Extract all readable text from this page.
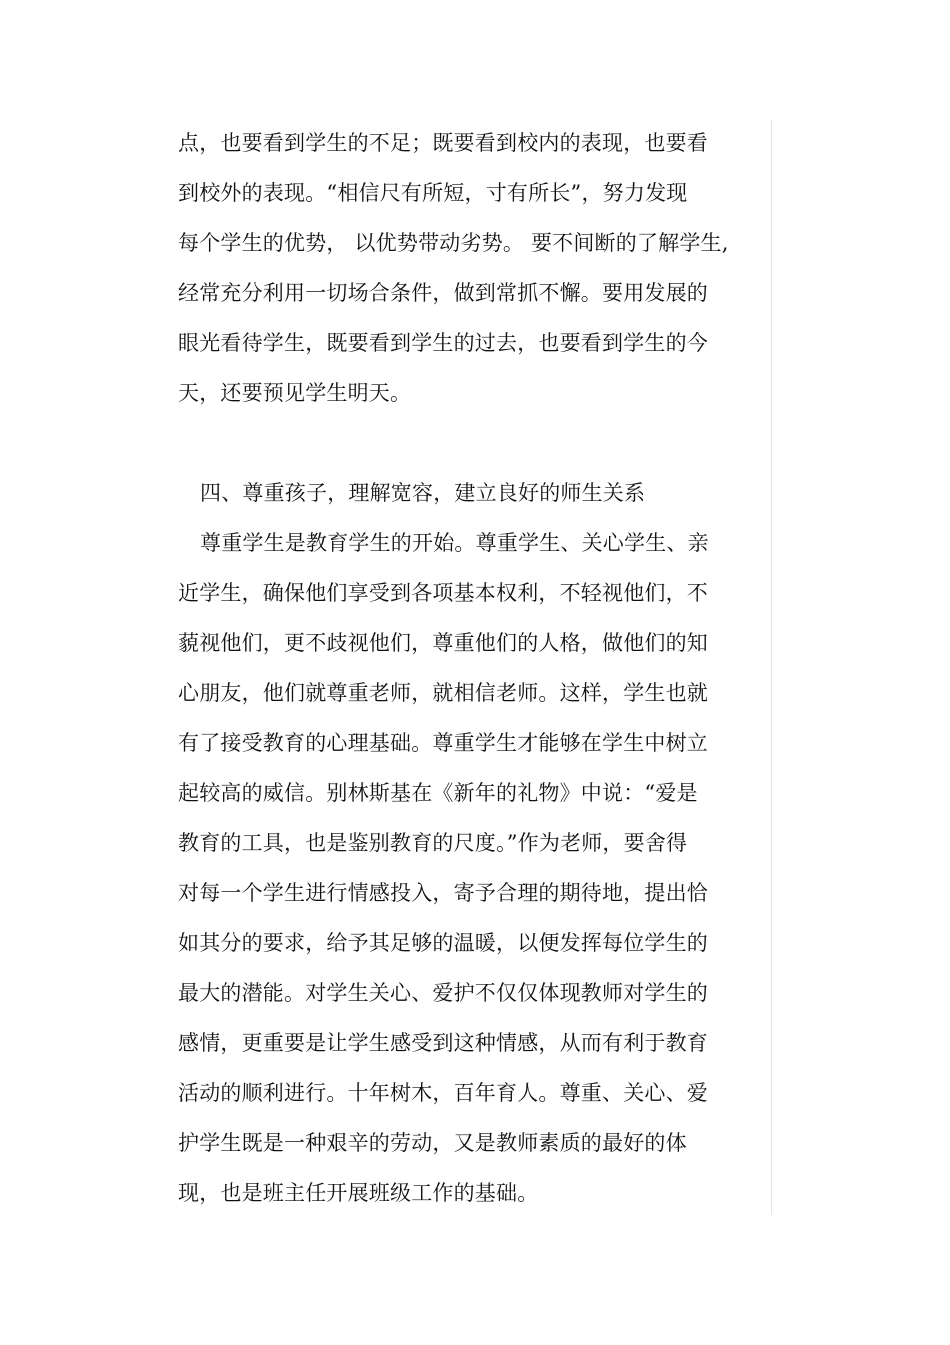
点，也要看到学生的不足；既要看到校内的表现，也要看
到校外的表现。“相信尺有所短，寸有所长”，努力发现
每个学生的优势， 以优势带动劣势。 要不间断的了解学生,
经常充分利用一切场合条件，做到常抓不懈。要用发展的
眼光看待学生，既要看到学生的过去，也要看到学生的今
天，还要预见学生明天。
四、尊重孩子，理解宽容，建立良好的师生关系
尊重学生是教育学生的开始。尊重学生、关心学生、亲
近学生，确保他们享受到各项基本权利，不轻视他们，不
藐视他们，更不歧视他们，尊重他们的人格，做他们的知
心朋友，他们就尊重老师，就相信老师。这样，学生也就
有了接受教育的心理基础。尊重学生才能够在学生中树立
起较高的威信。别林斯基在《新年的礼物》中说：“爱是
教育的工具，也是鉴别教育的尺度。”作为老师，要舍得
对每一个学生进行情感投入，寄予合理的期待地，提出恰
如其分的要求，给予其足够的温暖，以便发挥每位学生的
最大的潜能。对学生关心、爱护不仅仅体现教师对学生的
感情，更重要是让学生感受到这种情感，从而有利于教育
活动的顺利进行。十年树木，百年育人。尊重、关心、爱
护学生既是一种艰辛的劳动，又是教师素质的最好的体
现，也是班主任开展班级工作的基础。
